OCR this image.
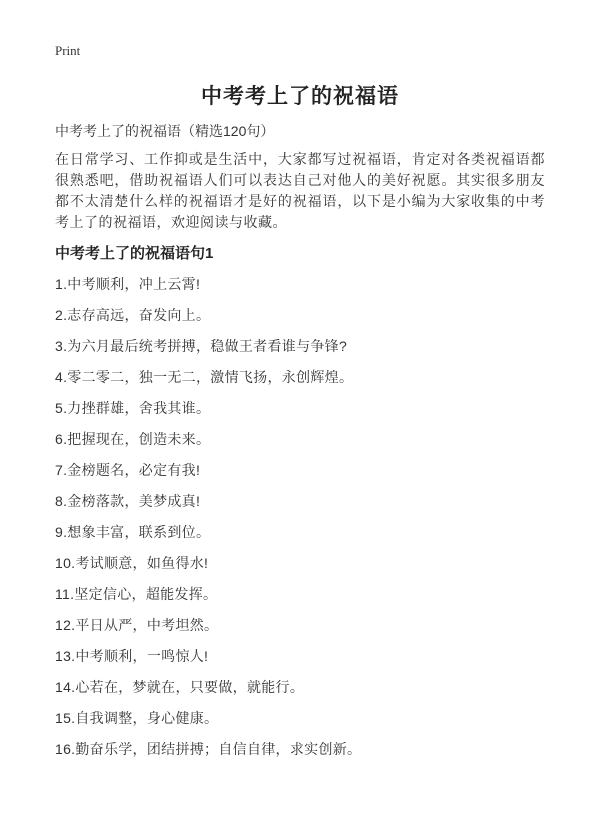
Print
中考考上了的祝福语

中考考上了的祝福语（精选120句）

在日常学习、工作抑或是生活中，大家都写过祝福语，肯定对各类祝福语都很熟悉吧，借助祝福语人们可以表达自己对他人的美好祝愿。其实很多朋友都不太清楚什么样的祝福语才是好的祝福语，以下是小编为大家收集的中考考上了的祝福语，欢迎阅读与收藏。

中考考上了的祝福语句1

1.中考顺利，冲上云霄!

2.志存高远，奋发向上。

3.为六月最后统考拼搏，稳做王者看谁与争锋?

4.零二零二，独一无二，激情飞扬，永创辉煌。

5.力挫群雄，舍我其谁。

6.把握现在，创造未来。

7.金榜题名，必定有我!

8.金榜落款，美梦成真!

9.想象丰富，联系到位。

10.考试顺意，如鱼得水!

11.坚定信心，超能发挥。

12.平日从严，中考坦然。

13.中考顺利，一鸣惊人!

14.心若在，梦就在，只要做，就能行。

15.自我调整，身心健康。

16.勤奋乐学，团结拼搏；自信自律，求实创新。
